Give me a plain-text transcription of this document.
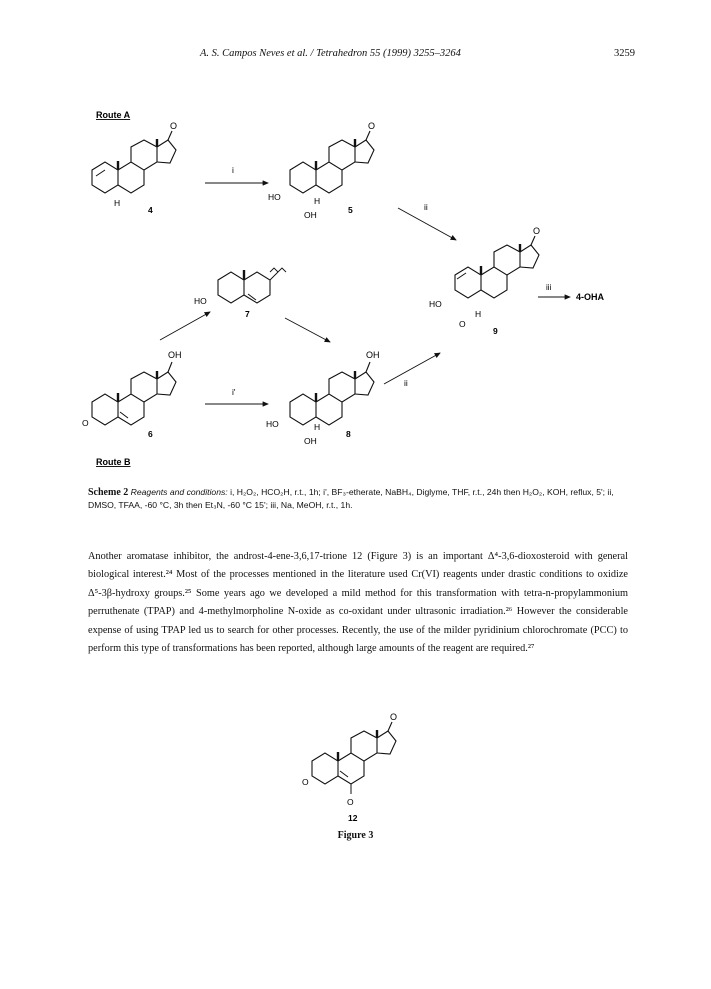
A. S. Campos Neves et al. / Tetrahedron 55 (1999) 3255–3264	3259
Route A
O
H
4
i
O
HO
OH
H
5	ii
O
HO
O
H
9
iii
4-OHA
HO
7
OH
O
6
i'
OH
HO
OH
H
8
ii
Route B
Scheme 2 Reagents and conditions: i, H₂O₂, HCO₂H, r.t., 1h; i', BF₃-etherate, NaBH₄, Diglyme, THF, r.t., 24h then H₂O₂, KOH, reflux, 5'; ii, DMSO, TFAA, -60 °C, 3h then Et₃N, -60 °C 15'; iii, Na, MeOH, r.t., 1h.
Another aromatase inhibitor, the androst-4-ene-3,6,17-trione 12 (Figure 3) is an important Δ⁴-3,6-dioxosteroid with general biological interest.²⁴ Most of the processes mentioned in the literature used Cr(VI) reagents under drastic conditions to oxidize Δ⁵-3β-hydroxy groups.²⁵ Some years ago we developed a mild method for this transformation with tetra-n-propylammonium perruthenate (TPAP) and 4-methylmorpholine N-oxide as co-oxidant under ultrasonic irradiation.²⁶ However the considerable expense of using TPAP led us to search for other processes. Recently, the use of the milder pyridinium chlorochromate (PCC) to perform this type of transformations has been reported, although large amounts of the reagent are required.²⁷
O
O
O
12
Figure 3
